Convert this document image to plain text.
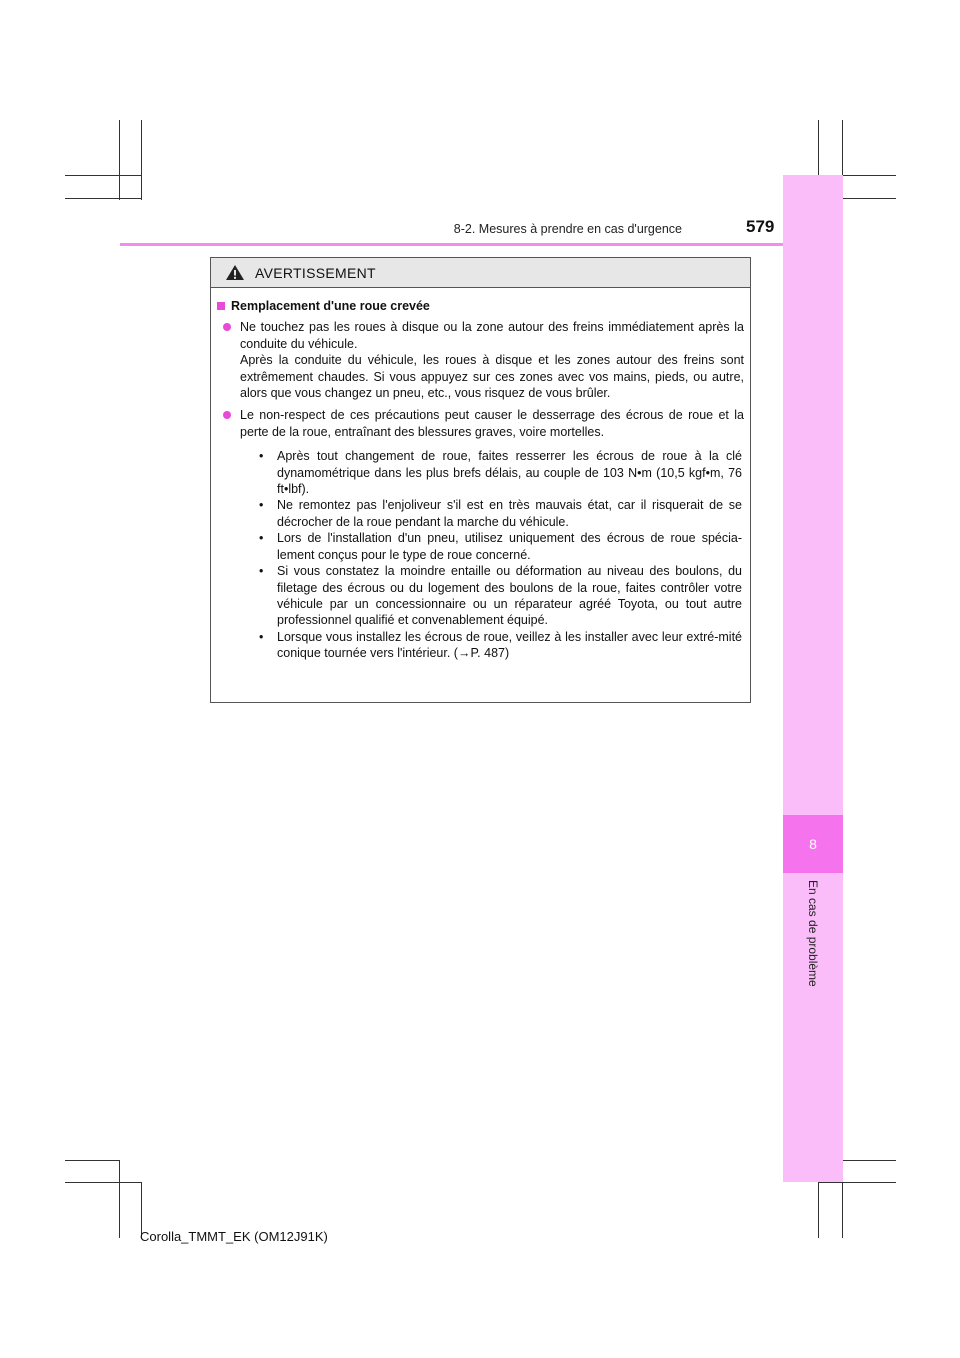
8
En cas de problème
8-2. Mesures à prendre en cas d'urgence	579
AVERTISSEMENT
Remplacement d'une roue crevée
Ne touchez pas les roues à disque ou la zone autour des freins immédiatement après la conduite du véhicule.
Après la conduite du véhicule, les roues à disque et les zones autour des freins sont extrêmement chaudes. Si vous appuyez sur ces zones avec vos mains, pieds, ou autre, alors que vous changez un pneu, etc., vous risquez de vous brûler.
Le non-respect de ces précautions peut causer le desserrage des écrous de roue et la perte de la roue, entraînant des blessures graves, voire mortelles.
•	Après tout changement de roue, faites resserrer les écrous de roue à la clé dynamométrique dans les plus brefs délais, au couple de 103 N•m (10,5 kgf•m, 76 ft•lbf).
•	Ne remontez pas l'enjoliveur s'il est en très mauvais état, car il risquerait de se décrocher de la roue pendant la marche du véhicule.
•	Lors de l'installation d'un pneu, utilisez uniquement des écrous de roue spécia-lement conçus pour le type de roue concerné.
•	Si vous constatez la moindre entaille ou déformation au niveau des boulons, du filetage des écrous ou du logement des boulons de la roue, faites contrôler votre véhicule par un concessionnaire ou un réparateur agréé Toyota, ou tout autre professionnel qualifié et convenablement équipé.
•	Lorsque vous installez les écrous de roue, veillez à les installer avec leur extré-mité conique tournée vers l'intérieur. (→P. 487)
Corolla_TMMT_EK (OM12J91K)
